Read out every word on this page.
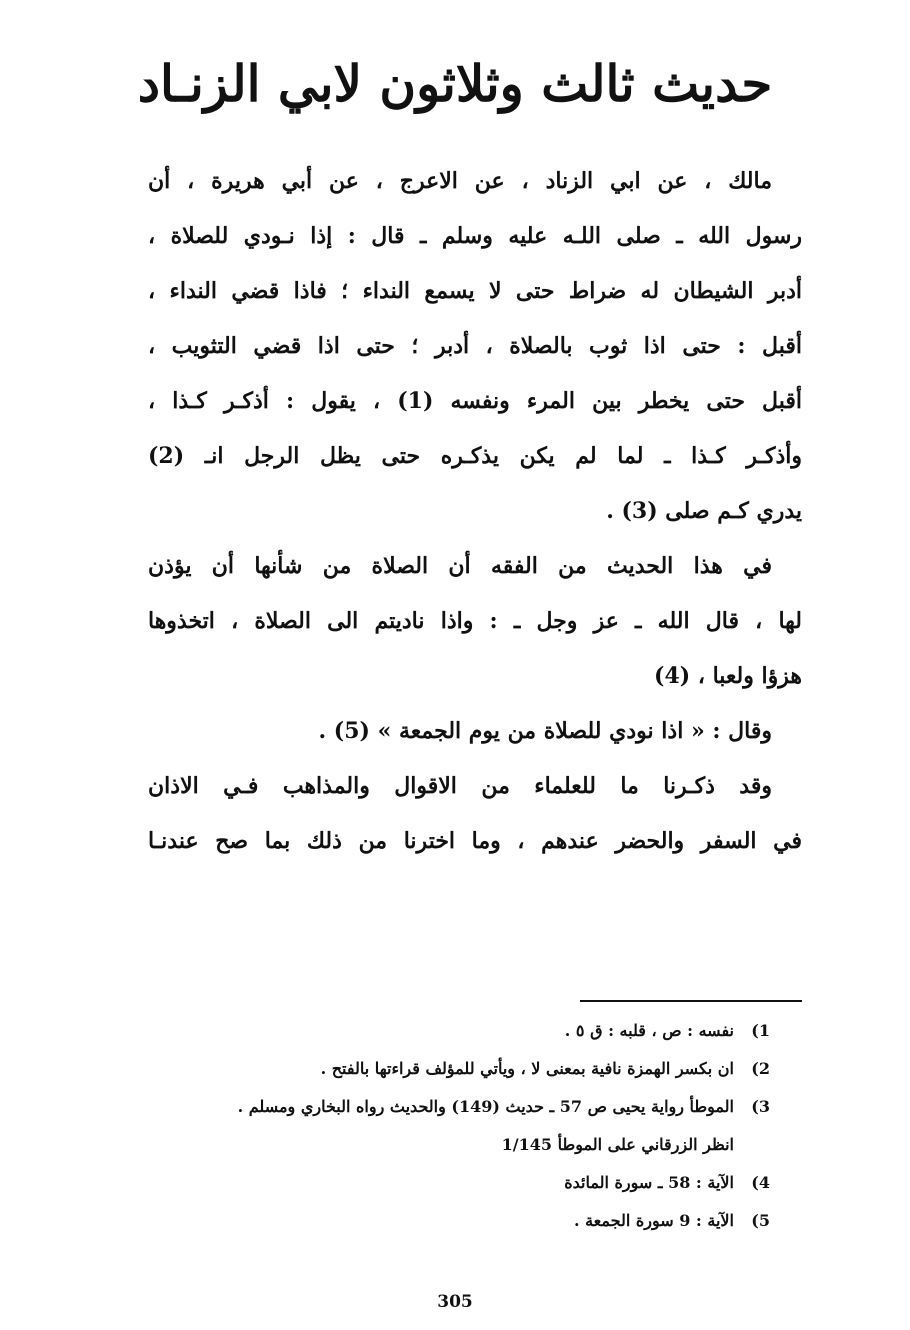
حديث ثالث وثلاثون لابي الزنـاد
مالك ، عن ابي الزناد ، عن الاعرج ، عن أبي هريرة ، أن
رسول الله ـ صلى اللـه عليه وسلم ـ قال : إذا نـودي للصلاة ،
أدبر الشيطان له ضراط حتى لا يسمع النداء ؛ فاذا قضي النداء ،
أقبل : حتى اذا ثوب بالصلاة ، أدبر ؛ حتى اذا قضي التثويب ،
أقبل حتى يخطر بين المرء ونفسه (1) ، يقول : أذكـر كـذا ،
وأذكـر كـذا ـ لما لم يكن يذكـره حتى يظل الرجل انـ (2)
يدري كـم صلى (3) .
في هذا الحديث من الفقه أن الصلاة من شأنها أن يؤذن
لها ، قال الله ـ عز وجل ـ : واذا ناديتم الى الصلاة ، اتخذوها
هزؤا ولعبا ، (4)
وقال : « اذا نودي للصلاة من يوم الجمعة » (5) .
وقد ذكـرنا ما للعلماء من الاقوال والمذاهب فـي الاذان
في السفر والحضر عندهم ، وما اخترنا من ذلك بما صح عندنـا
1)نفسه : ص ، قلبه : ق ٥ .
2)ان بكسر الهمزة نافية بمعنى لا ، ويأتي للمؤلف قراءتها بالفتح .
3)الموطأ رواية يحيى ص 57 ـ حديث (149) والحديث رواه البخاري ومسلم .
انظر الزرقاني على الموطأ 1/145
4)الآية : 58 ـ سورة المائدة
5)الآية : 9 سورة الجمعة .
305
